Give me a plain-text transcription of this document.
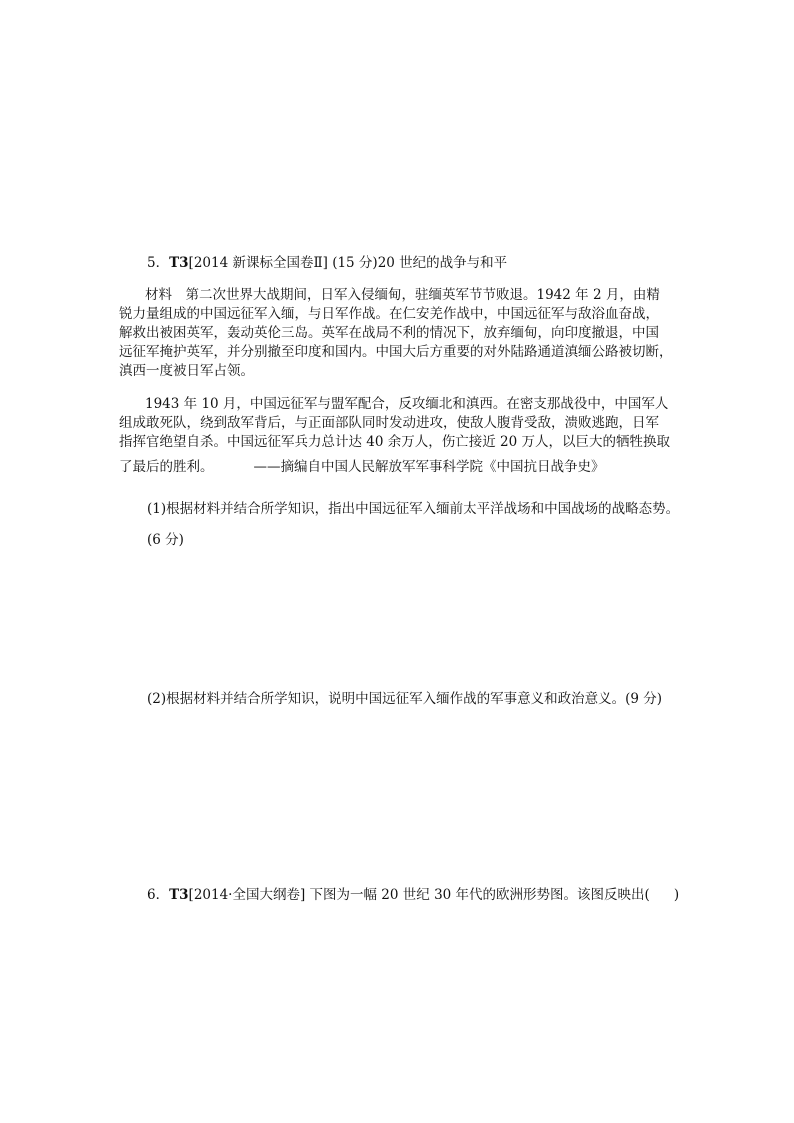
5．T3[2014 新课标全国卷Ⅱ] (15 分)20 世纪的战争与和平
材料　 第二次世界大战期间，日军入侵缅甸，驻缅英军节节败退。1942 年 2 月，由精
锐力量组成的中国远征军入缅，与日军作战。在仁安羌作战中，中国远征军与敌浴血奋战，
解救出被困英军，轰动英伦三岛。英军在战局不利的情况下，放弃缅甸，向印度撤退，中国
远征军掩护英军，并分别撤至印度和国内。中国大后方重要的对外陆路通道滇缅公路被切断，
滇西一度被日军占领。
1943 年 10 月，中国远征军与盟军配合，反攻缅北和滇西。在密支那战役中，中国军人
组成敢死队，绕到敌军背后，与正面部队同时发动进攻，使敌人腹背受敌，溃败逃跑，日军
指挥官绝望自杀。中国远征军兵力总计达 40 余万人，伤亡接近 20 万人，以巨大的牺牲换取
了最后的胜利。	——摘编自中国人民解放军军事科学院《中国抗日战争史》
(1)根据材料并结合所学知识，指出中国远征军入缅前太平洋战场和中国战场的战略态势。(6 分)
(2)根据材料并结合所学知识，说明中国远征军入缅作战的军事意义和政治意义。(9 分)
6．T3[2014·全国大纲卷] 下图为一幅 20 世纪 30 年代的欧洲形势图。该图反映出( )
